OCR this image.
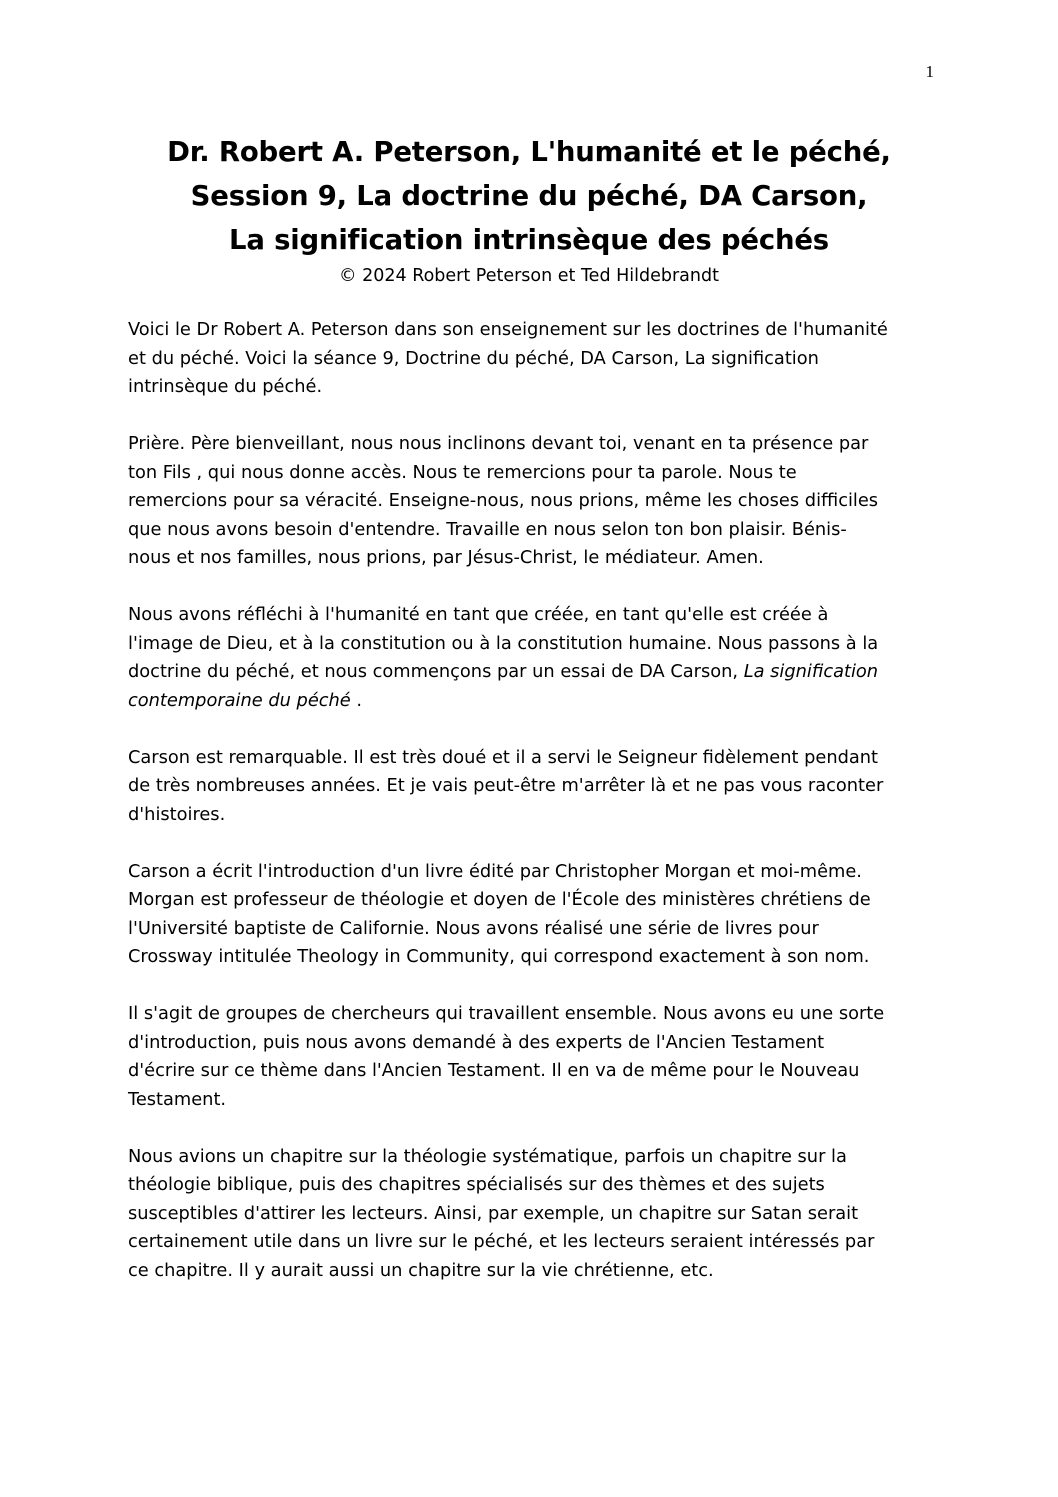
1
Dr. Robert A. Peterson, L'humanité et le péché,
Session 9, La doctrine du péché, DA Carson,
La signification intrinsèque des péchés
© 2024 Robert Peterson et Ted Hildebrandt

Voici le Dr Robert A. Peterson dans son enseignement sur les doctrines de l'humanité
et du péché. Voici la séance 9, Doctrine du péché, DA Carson, La signification
intrinsèque du péché.

Prière. Père bienveillant, nous nous inclinons devant toi, venant en ta présence par
ton Fils , qui nous donne accès. Nous te remercions pour ta parole. Nous te
remercions pour sa véracité. Enseigne-nous, nous prions, même les choses difficiles
que nous avons besoin d'entendre. Travaille en nous selon ton bon plaisir. Bénis-
nous et nos familles, nous prions, par Jésus-Christ, le médiateur. Amen.

Nous avons réfléchi à l'humanité en tant que créée, en tant qu'elle est créée à
l'image de Dieu, et à la constitution ou à la constitution humaine. Nous passons à la
doctrine du péché, et nous commençons par un essai de DA Carson, La signification
contemporaine du péché .

Carson est remarquable. Il est très doué et il a servi le Seigneur fidèlement pendant
de très nombreuses années. Et je vais peut-être m'arrêter là et ne pas vous raconter
d'histoires.

Carson a écrit l'introduction d'un livre édité par Christopher Morgan et moi-même.
Morgan est professeur de théologie et doyen de l'École des ministères chrétiens de
l'Université baptiste de Californie. Nous avons réalisé une série de livres pour
Crossway intitulée Theology in Community, qui correspond exactement à son nom.

Il s'agit de groupes de chercheurs qui travaillent ensemble. Nous avons eu une sorte
d'introduction, puis nous avons demandé à des experts de l'Ancien Testament
d'écrire sur ce thème dans l'Ancien Testament. Il en va de même pour le Nouveau
Testament.

Nous avions un chapitre sur la théologie systématique, parfois un chapitre sur la
théologie biblique, puis des chapitres spécialisés sur des thèmes et des sujets
susceptibles d'attirer les lecteurs. Ainsi, par exemple, un chapitre sur Satan serait
certainement utile dans un livre sur le péché, et les lecteurs seraient intéressés par
ce chapitre. Il y aurait aussi un chapitre sur la vie chrétienne, etc.
